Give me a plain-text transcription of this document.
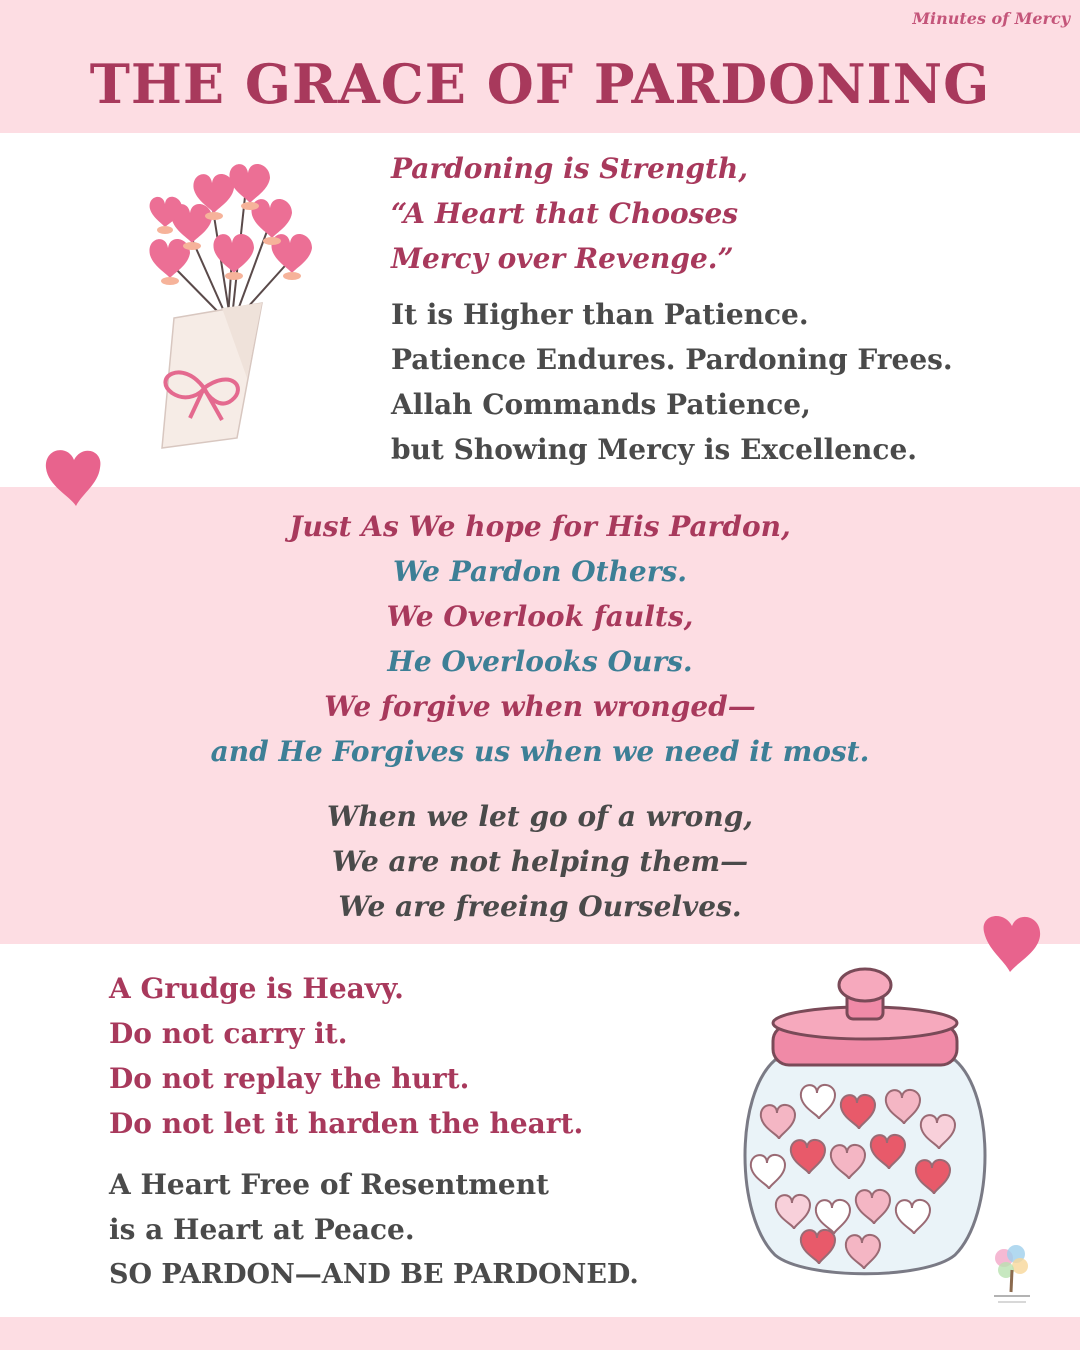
Minutes of Mercy
THE GRACE OF PARDONING
Pardoning is Strength,
“A Heart that Chooses
Mercy over Revenge.”
It is Higher than Patience.
Patience Endures. Pardoning Frees.
Allah Commands Patience,
but Showing Mercy is Excellence.
Just As We hope for His Pardon,
We Pardon Others.
We Overlook faults,
He Overlooks Ours.
We forgive when wronged—
and He Forgives us when we need it most.
When we let go of a wrong,
We are not helping them—
We are freeing Ourselves.
A Grudge is Heavy.
Do not carry it.
Do not replay the hurt.
Do not let it harden the heart.
A Heart Free of Resentment
is a Heart at Peace.
SO PARDON—AND BE PARDONED.
